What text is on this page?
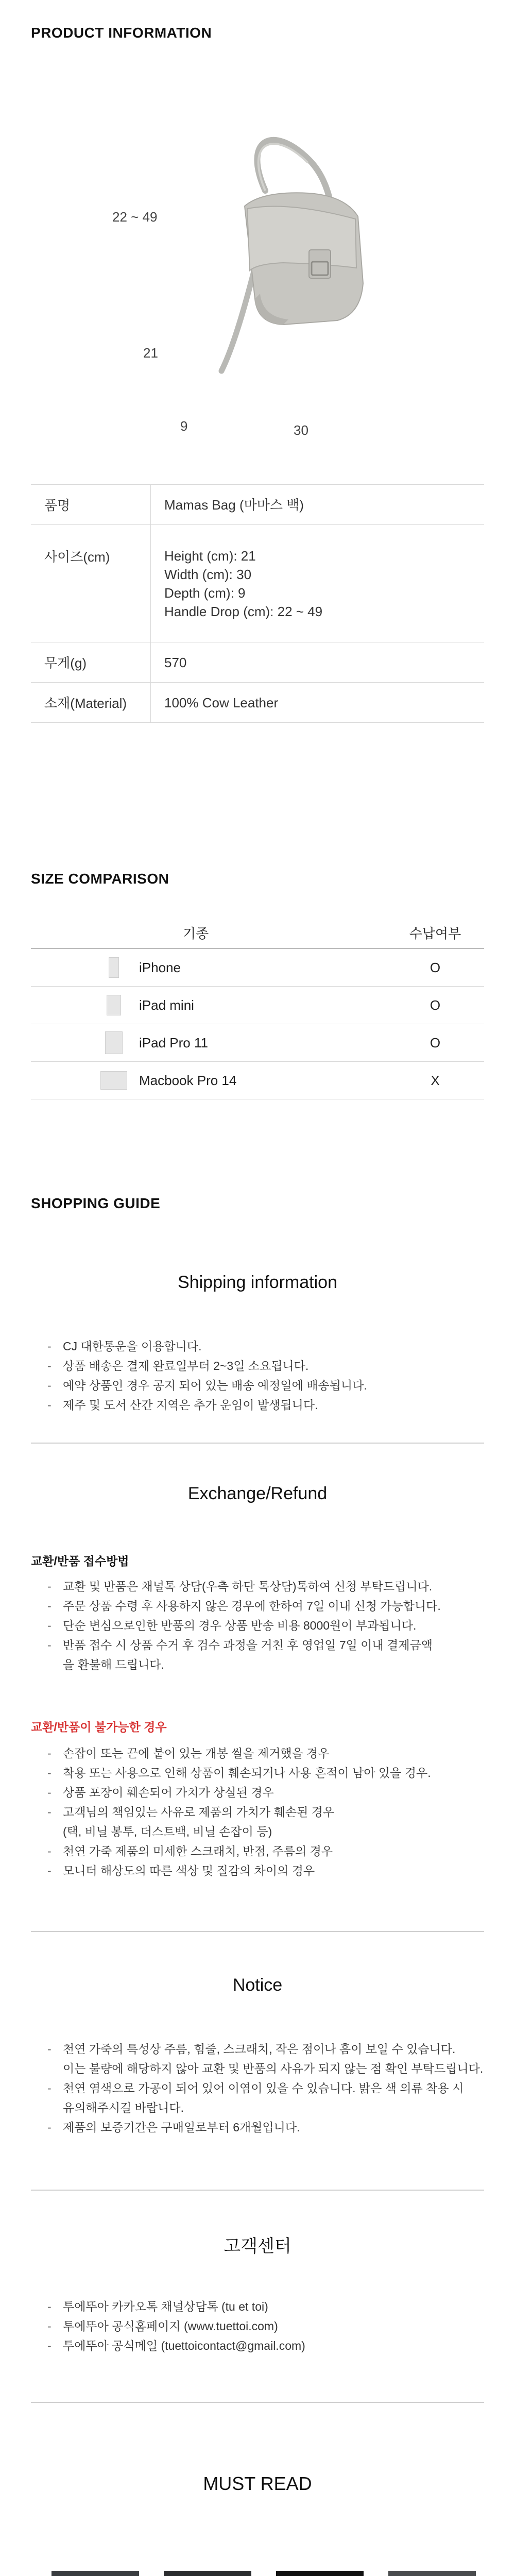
PRODUCT INFORMATION
22 ~ 49
21
9	30
품명	Mamas Bag (마마스 백)
사이즈(cm)	Height (cm): 21
Width (cm): 30
Depth (cm): 9
Handle Drop (cm): 22 ~ 49

무게(g)	570
소재(Material)	100% Cow Leather
SIZE COMPARISON
기종	수납여부
iPhone	O
iPad mini	O
iPad Pro 11	O
Macbook Pro 14	X
SHOPPING GUIDE
Shipping information
- CJ 대한통운을 이용합니다.
- 상품 배송은 결제 완료일부터 2~3일 소요됩니다.
- 예약 상품인 경우 공지 되어 있는 배송 예정일에 배송됩니다.
- 제주 및 도서 산간 지역은 추가 운임이 발생됩니다.
Exchange/Refund
교환/반품 접수방법
- 교환 및 반품은 채널톡 상담(우측 하단 톡상담)톡하여 신청 부탁드립니다.
- 주문 상품 수령 후 사용하지 않은 경우에 한하여 7일 이내 신청 가능합니다.
- 단순 변심으로인한 반품의 경우 상품 반송 비용 8000원이 부과됩니다.
- 반품 접수 시 상품 수거 후 검수 과정을 거친 후 영업일 7일 이내 결제금액
을 환불해 드립니다.
교환/반품이 불가능한 경우
- 손잡이 또는 끈에 붙어 있는 개봉 씰을 제거했을 경우
- 착용 또는 사용으로 인해 상품이 훼손되거나 사용 흔적이 남아 있을 경우.
- 상품 포장이 훼손되어 가치가 상실된 경우
- 고객님의 책임있는 사유로 제품의 가치가 훼손된 경우
(택, 비닐 봉투, 더스트백, 비닐 손잡이 등)
- 천연 가죽 제품의 미세한 스크래치, 반점, 주름의 경우
- 모니터 해상도의 따른 색상 및 질감의 차이의 경우
Notice
- 천연 가죽의 특성상 주름, 힘줄, 스크래치, 작은 점이나 흠이 보일 수 있습니다.
이는 불량에 해당하지 않아 교환 및 반품의 사유가 되지 않는 점 확인 부탁드립니다.
- 천연 염색으로 가공이 되어 있어 이염이 있을 수 있습니다. 밝은 색 의류 착용 시
유의해주시길 바랍니다.
- 제품의 보증기간은 구매일로부터 6개월입니다.
고객센터
- 투에뚜아 카카오톡 채널상담톡 (tu et toi)
- 투에뚜아 공식홈페이지 (www.tuettoi.com)
- 투에뚜아 공식메일 (tuettoicontact@gmail.com)
MUST READ
